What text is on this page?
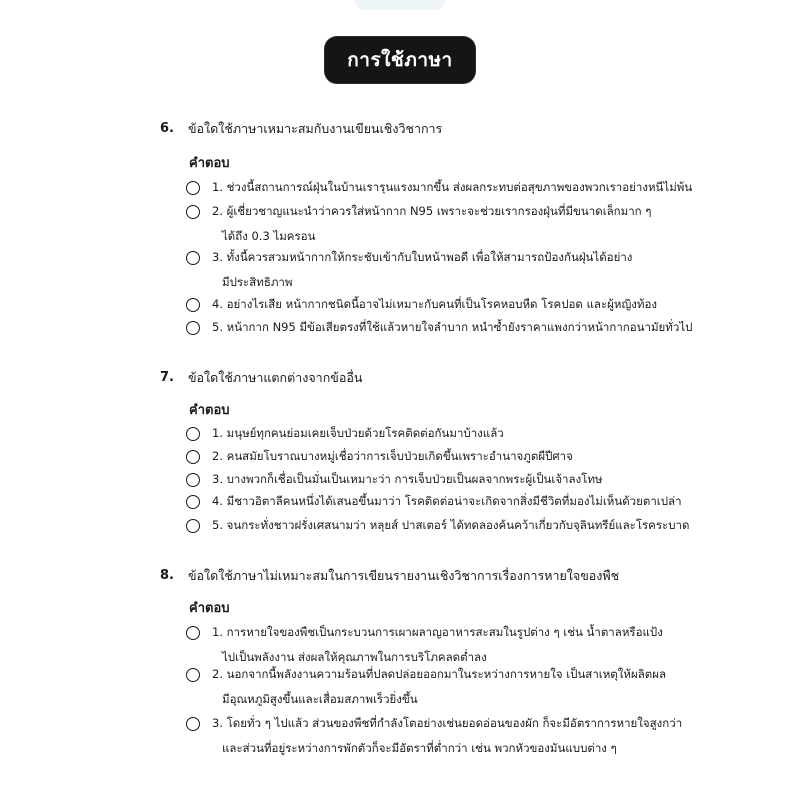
การใช้ภาษา
6.	ข้อใดใช้ภาษาเหมาะสมกับงานเขียนเชิงวิชาการ
คำตอบ
1. ช่วงนี้สถานการณ์ฝุ่นในบ้านเรารุนแรงมากขึ้น ส่งผลกระทบต่อสุขภาพของพวกเราอย่างหนีไม่พ้น
2. ผู้เชี่ยวชาญแนะนำว่าควรใส่หน้ากาก N95 เพราะจะช่วยเรากรองฝุ่นที่มีขนาดเล็กมาก ๆ
ได้ถึง 0.3 ไมครอน
3. ทั้งนี้ควรสวมหน้ากากให้กระชับเข้ากับใบหน้าพอดี เพื่อให้สามารถป้องกันฝุ่นได้อย่าง
มีประสิทธิภาพ
4. อย่างไรเสีย หน้ากากชนิดนี้อาจไม่เหมาะกับคนที่เป็นโรคหอบหืด โรคปอด และผู้หญิงท้อง
5. หน้ากาก N95 มีข้อเสียตรงที่ใช้แล้วหายใจลำบาก หนำซ้ำยังราคาแพงกว่าหน้ากากอนามัยทั่วไป
7.	ข้อใดใช้ภาษาแตกต่างจากข้ออื่น
คำตอบ
1. มนุษย์ทุกคนย่อมเคยเจ็บป่วยด้วยโรคติดต่อกันมาบ้างแล้ว
2. คนสมัยโบราณบางหมู่เชื่อว่าการเจ็บป่วยเกิดขึ้นเพราะอำนาจภูตผีปีศาจ
3. บางพวกก็เชื่อเป็นมั่นเป็นเหมาะว่า การเจ็บป่วยเป็นผลจากพระผู้เป็นเจ้าลงโทษ
4. มีชาวอิตาลีคนหนึ่งได้เสนอขึ้นมาว่า โรคติดต่อน่าจะเกิดจากสิ่งมีชีวิตที่มองไม่เห็นด้วยตาเปล่า
5. จนกระทั่งชาวฝรั่งเศสนามว่า หลุยส์ ปาสเตอร์ ได้ทดลองค้นคว้าเกี่ยวกับจุลินทรีย์และโรคระบาด
8.	ข้อใดใช้ภาษาไม่เหมาะสมในการเขียนรายงานเชิงวิชาการเรื่องการหายใจของพืช
คำตอบ
1. การหายใจของพืชเป็นกระบวนการเผาผลาญอาหารสะสมในรูปต่าง ๆ เช่น น้ำตาลหรือแป้ง
ไปเป็นพลังงาน ส่งผลให้คุณภาพในการบริโภคลดต่ำลง
2. นอกจากนี้พลังงานความร้อนที่ปลดปล่อยออกมาในระหว่างการหายใจ เป็นสาเหตุให้ผลิตผล
มีอุณหภูมิสูงขึ้นและเสื่อมสภาพเร็วยิ่งขึ้น
3. โดยทั่ว ๆ ไปแล้ว ส่วนของพืชที่กำลังโตอย่างเช่นยอดอ่อนของผัก ก็จะมีอัตราการหายใจสูงกว่า
และส่วนที่อยู่ระหว่างการพักตัวก็จะมีอัตราที่ต่ำกว่า เช่น พวกหัวของมันแบบต่าง ๆ
